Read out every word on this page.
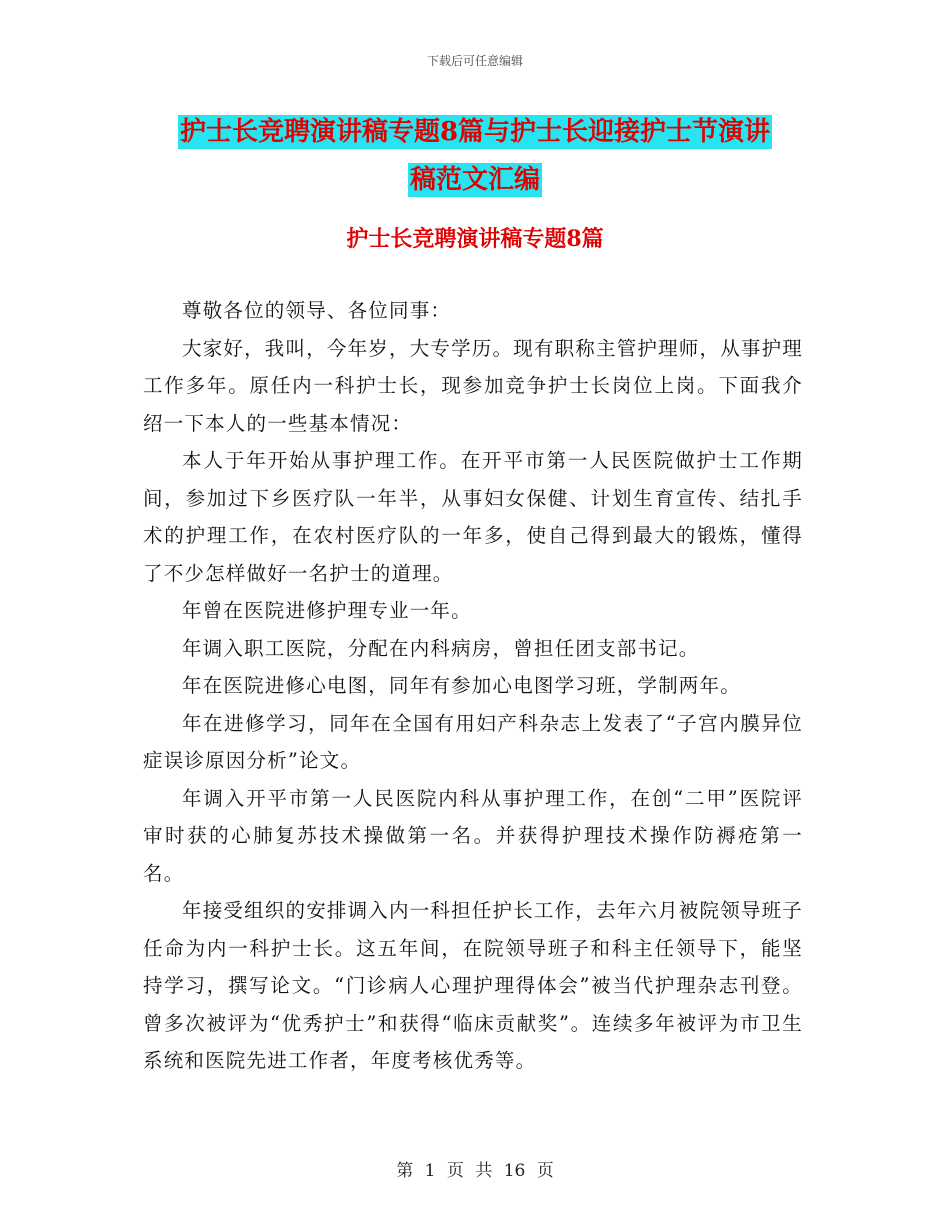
下载后可任意编辑
护士长竞聘演讲稿专题8篇与护士长迎接护士节演讲
稿范文汇编
护士长竞聘演讲稿专题8篇

尊敬各位的领导、各位同事：

大家好，我叫，今年岁，大专学历。现有职称主管护理师，从事护理工作多年。原任内一科护士长，现参加竞争护士长岗位上岗。下面我介绍一下本人的一些基本情况：

本人于年开始从事护理工作。在开平市第一人民医院做护士工作期间，参加过下乡医疗队一年半，从事妇女保健、计划生育宣传、结扎手术的护理工作，在农村医疗队的一年多，使自己得到最大的锻炼，懂得了不少怎样做好一名护士的道理。

年曾在医院进修护理专业一年。

年调入职工医院，分配在内科病房，曾担任团支部书记。

年在医院进修心电图，同年有参加心电图学习班，学制两年。

年在进修学习，同年在全国有用妇产科杂志上发表了“子宫内膜异位症误诊原因分析”论文。

年调入开平市第一人民医院内科从事护理工作，在创“二甲”医院评审时获的心肺复苏技术操做第一名。并获得护理技术操作防褥疮第一名。

年接受组织的安排调入内一科担任护长工作，去年六月被院领导班子任命为内一科护士长。这五年间，在院领导班子和科主任领导下，能坚持学习，撰写论文。“门诊病人心理护理得体会”被当代护理杂志刊登。曾多次被评为“优秀护士”和获得“临床贡献奖”。连续多年被评为市卫生系统和医院先进工作者，年度考核优秀等。

第 1 页 共 16 页
